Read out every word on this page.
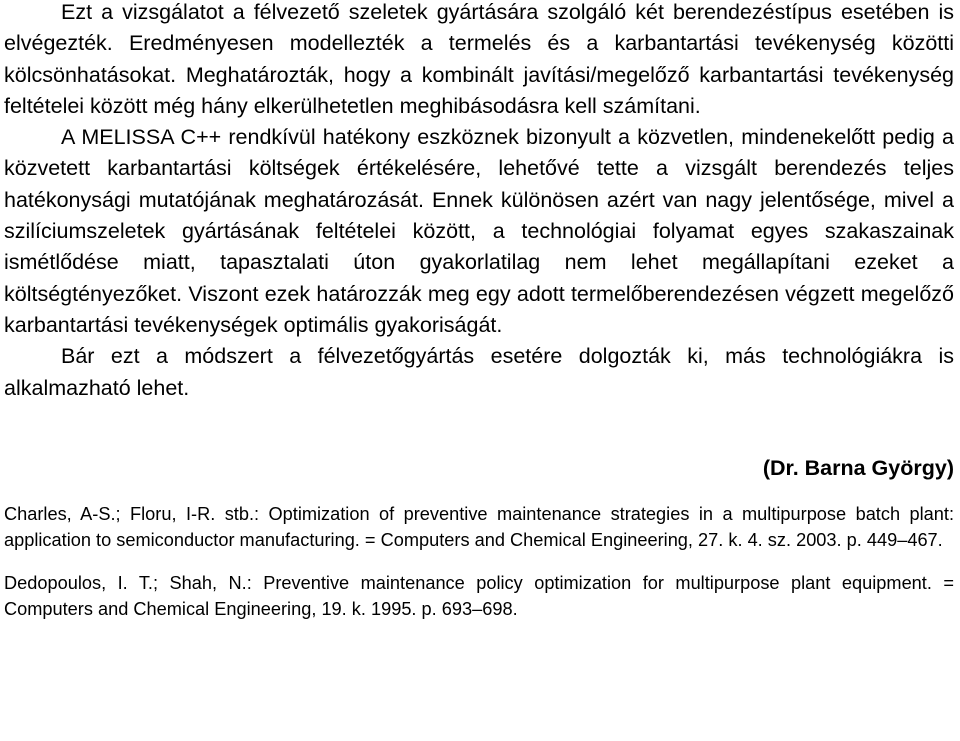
Ezt a vizsgálatot a félvezető szeletek gyártására szolgáló két berendezéstípus esetében is elvégezték. Eredményesen modellezték a termelés és a karbantartási tevékenység közötti kölcsönhatásokat. Meghatározták, hogy a kombinált javítási/megelőző karbantartási tevékenység feltételei között még hány elkerülhetetlen meghibásodásra kell számítani.

A MELISSA C++ rendkívül hatékony eszköznek bizonyult a közvetlen, mindenekelőtt pedig a közvetett karbantartási költségek értékelésére, lehetővé tette a vizsgált berendezés teljes hatékonysági mutatójának meghatározását. Ennek különösen azért van nagy jelentősége, mivel a szilíciumszeletek gyártásának feltételei között, a technológiai folyamat egyes szakaszainak ismétlődése miatt, tapasztalati úton gyakorlatilag nem lehet megállapítani ezeket a költségtényezőket. Viszont ezek határozzák meg egy adott termelőberendezésen végzett megelőző karbantartási tevékenységek optimális gyakoriságát.

Bár ezt a módszert a félvezetőgyártás esetére dolgozták ki, más technológiákra is alkalmazható lehet.

(Dr. Barna György)

Charles, A-S.; Floru, I-R. stb.: Optimization of preventive maintenance strategies in a multipurpose batch plant: application to semiconductor manufacturing. = Computers and Chemical Engineering, 27. k. 4. sz. 2003. p. 449–467.

Dedopoulos, I. T.; Shah, N.: Preventive maintenance policy optimization for multipurpose plant equipment. = Computers and Chemical Engineering, 19. k. 1995. p. 693–698.
